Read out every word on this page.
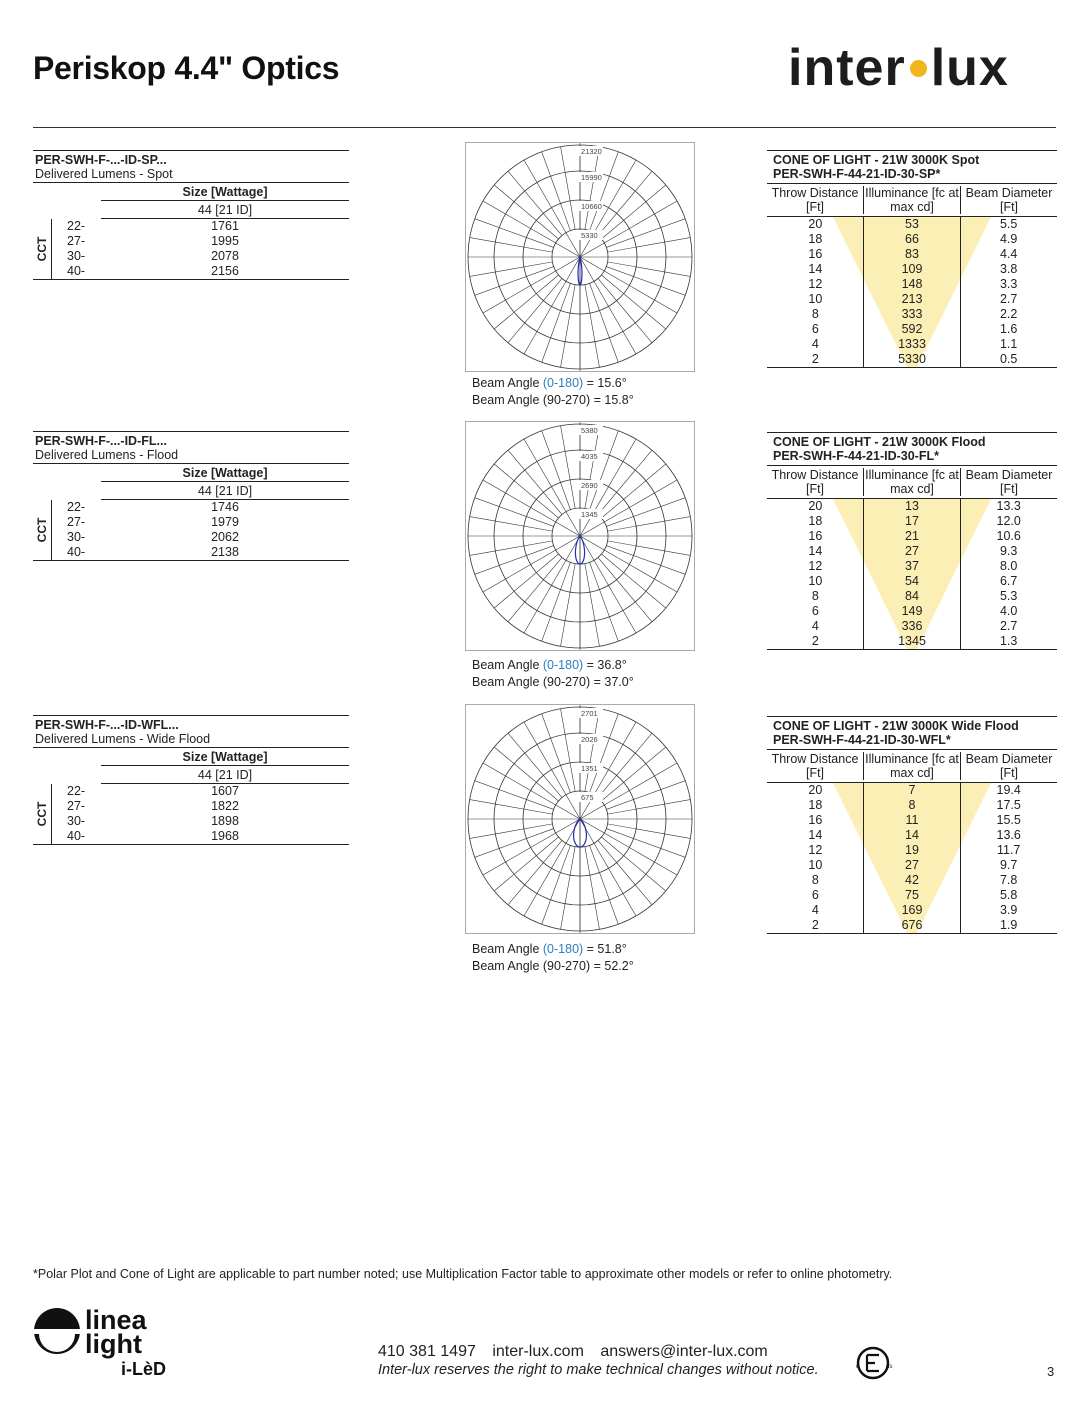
Periskop 4.4" Optics	inter lux
PER-SWH-F-...-ID-SP...
Delivered Lumens - Spot
Size [Wattage]
44 [21 ID]
CCT
22-	1761
27-	1995
30-	2078
40-	2156
21320
15990
10660
5330
Beam Angle (0-180) = 15.6°
Beam Angle (90-270) = 15.8°
CONE OF LIGHT - 21W 3000K Spot
PER-SWH-F-44-21-ID-30-SP*
Throw Distance [Ft]
Illuminance [fc at max cd]
Beam Diameter [Ft]
20	53	5.5
18	66	4.9
16	83	4.4
14	109	3.8
12	148	3.3
10	213	2.7
8	333	2.2
6	592	1.6
4	1333	1.1
2	5330	0.5
PER-SWH-F-...-ID-FL...
Delivered Lumens - Flood
Size [Wattage]
44 [21 ID]
CCT
22-	1746
27-	1979
30-	2062
40-	2138
5380
4035
2690
1345
Beam Angle (0-180) = 36.8°
Beam Angle (90-270) = 37.0°
CONE OF LIGHT - 21W 3000K Flood
PER-SWH-F-44-21-ID-30-FL*
Throw Distance [Ft]
Illuminance [fc at max cd]
Beam Diameter [Ft]
20	13	13.3
18	17	12.0
16	21	10.6
14	27	9.3
12	37	8.0
10	54	6.7
8	84	5.3
6	149	4.0
4	336	2.7
2	1345	1.3
PER-SWH-F-...-ID-WFL...
Delivered Lumens - Wide Flood
Size [Wattage]
44 [21 ID]
CCT
22-	1607
27-	1822
30-	1898
40-	1968
2701
2026
1351
675
Beam Angle (0-180) = 51.8°
Beam Angle (90-270) = 52.2°
CONE OF LIGHT - 21W 3000K Wide Flood
PER-SWH-F-44-21-ID-30-WFL*
Throw Distance [Ft]
Illuminance [fc at max cd]
Beam Diameter [Ft]
20	7	19.4
18	8	17.5
16	11	15.5
14	14	13.6
12	19	11.7
10	27	9.7
8	42	7.8
6	75	5.8
4	169	3.9
2	676	1.9
*Polar Plot and Cone of Light are applicable to part number noted; use Multiplication Factor table to approximate other models or refer to online photometry.
linea
light
i-LèD
410 381 1497 inter-lux.com answers@inter-lux.com
Inter-lux reserves the right to make technical changes without notice.	c	us	3
